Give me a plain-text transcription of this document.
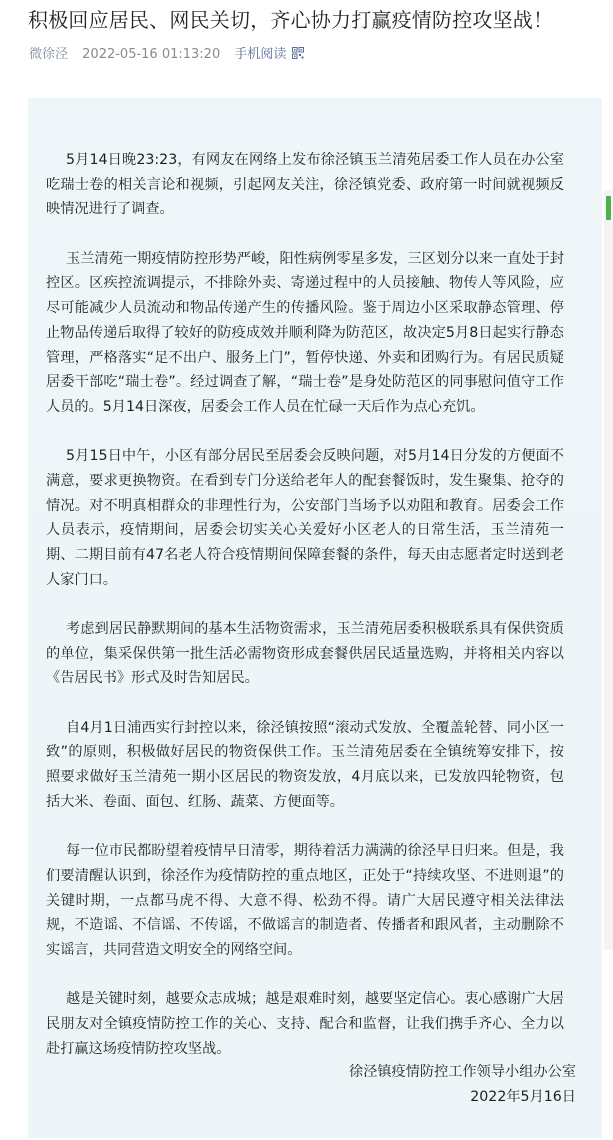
积极回应居民、网民关切，齐心协力打赢疫情防控攻坚战！
微徐泾 2022-05-16 01:13:20 手机阅读

5月14日晚23:23，有网友在网络上发布徐泾镇玉兰清苑居委工作人员在办公室吃瑞士卷的相关言论和视频，引起网友关注，徐泾镇党委、政府第一时间就视频反映情况进行了调查。

玉兰清苑一期疫情防控形势严峻，阳性病例零星多发，三区划分以来一直处于封控区。区疾控流调提示，不排除外卖、寄递过程中的人员接触、物传人等风险，应尽可能减少人员流动和物品传递产生的传播风险。鉴于周边小区采取静态管理、停止物品传递后取得了较好的防疫成效并顺利降为防范区，故决定5月8日起实行静态管理，严格落实“足不出户、服务上门”，暂停快递、外卖和团购行为。有居民质疑居委干部吃“瑞士卷”。经过调查了解，“瑞士卷”是身处防范区的同事慰问值守工作人员的。5月14日深夜，居委会工作人员在忙碌一天后作为点心充饥。

5月15日中午，小区有部分居民至居委会反映问题，对5月14日分发的方便面不满意，要求更换物资。在看到专门分送给老年人的配套餐饭时，发生聚集、抢夺的情况。对不明真相群众的非理性行为，公安部门当场予以劝阻和教育。居委会工作人员表示，疫情期间，居委会切实关心关爱好小区老人的日常生活，玉兰清苑一期、二期目前有47名老人符合疫情期间保障套餐的条件，每天由志愿者定时送到老人家门口。

考虑到居民静默期间的基本生活物资需求，玉兰清苑居委积极联系具有保供资质的单位，集采保供第一批生活必需物资形成套餐供居民适量选购，并将相关内容以《告居民书》形式及时告知居民。

自4月1日浦西实行封控以来，徐泾镇按照“滚动式发放、全覆盖轮替、同小区一致”的原则，积极做好居民的物资保供工作。玉兰清苑居委在全镇统筹安排下，按照要求做好玉兰清苑一期小区居民的物资发放，4月底以来，已发放四轮物资，包括大米、卷面、面包、红肠、蔬菜、方便面等。

每一位市民都盼望着疫情早日清零，期待着活力满满的徐泾早日归来。但是，我们要清醒认识到，徐泾作为疫情防控的重点地区，正处于“持续攻坚、不进则退”的关键时期，一点都马虎不得、大意不得、松劲不得。请广大居民遵守相关法律法规，不造谣、不信谣、不传谣，不做谣言的制造者、传播者和跟风者，主动删除不实谣言，共同营造文明安全的网络空间。

越是关键时刻，越要众志成城；越是艰难时刻，越要坚定信心。衷心感谢广大居民朋友对全镇疫情防控工作的关心、支持、配合和监督，让我们携手齐心、全力以赴打赢这场疫情防控攻坚战。

徐泾镇疫情防控工作领导小组办公室
2022年5月16日
